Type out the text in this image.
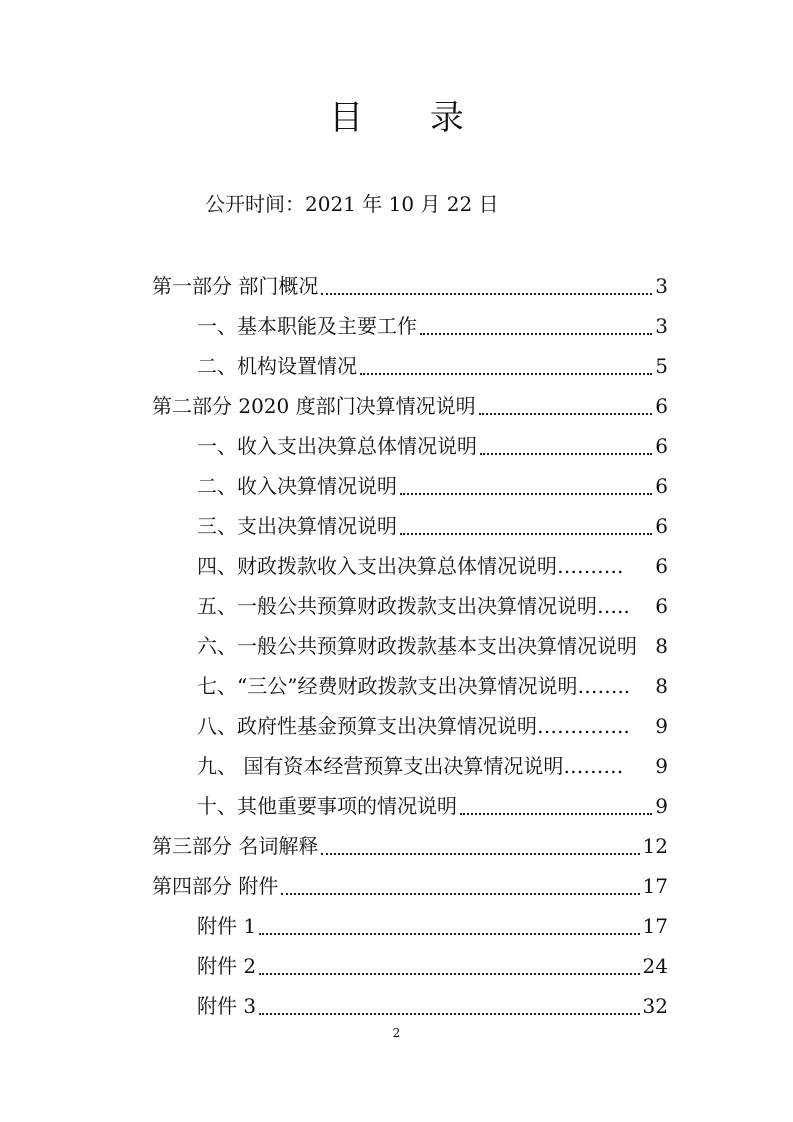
目 录
公开时间：2021 年 10 月 22 日
第一部分 部门概况	3
一、基本职能及主要工作	3
二、机构设置情况	5
第二部分 2020 度部门决算情况说明	6
一、收入支出决算总体情况说明	6
二、收入决算情况说明	6
三、支出决算情况说明	6
四、财政拨款收入支出决算总体情况说明………. 6
五、一般公共预算财政拨款支出决算情况说明….. 6
六、一般公共预算财政拨款基本支出决算情况说明 8
七、“三公”经费财政拨款支出决算情况说明…….. 8
八、政府性基金预算支出决算情况说明………….. 9
九、 国有资本经营预算支出决算情况说明……… 9
十、其他重要事项的情况说明	9
第三部分 名词解释	12
第四部分 附件	17
附件 1	17
附件 2	24
附件 3	32
2
